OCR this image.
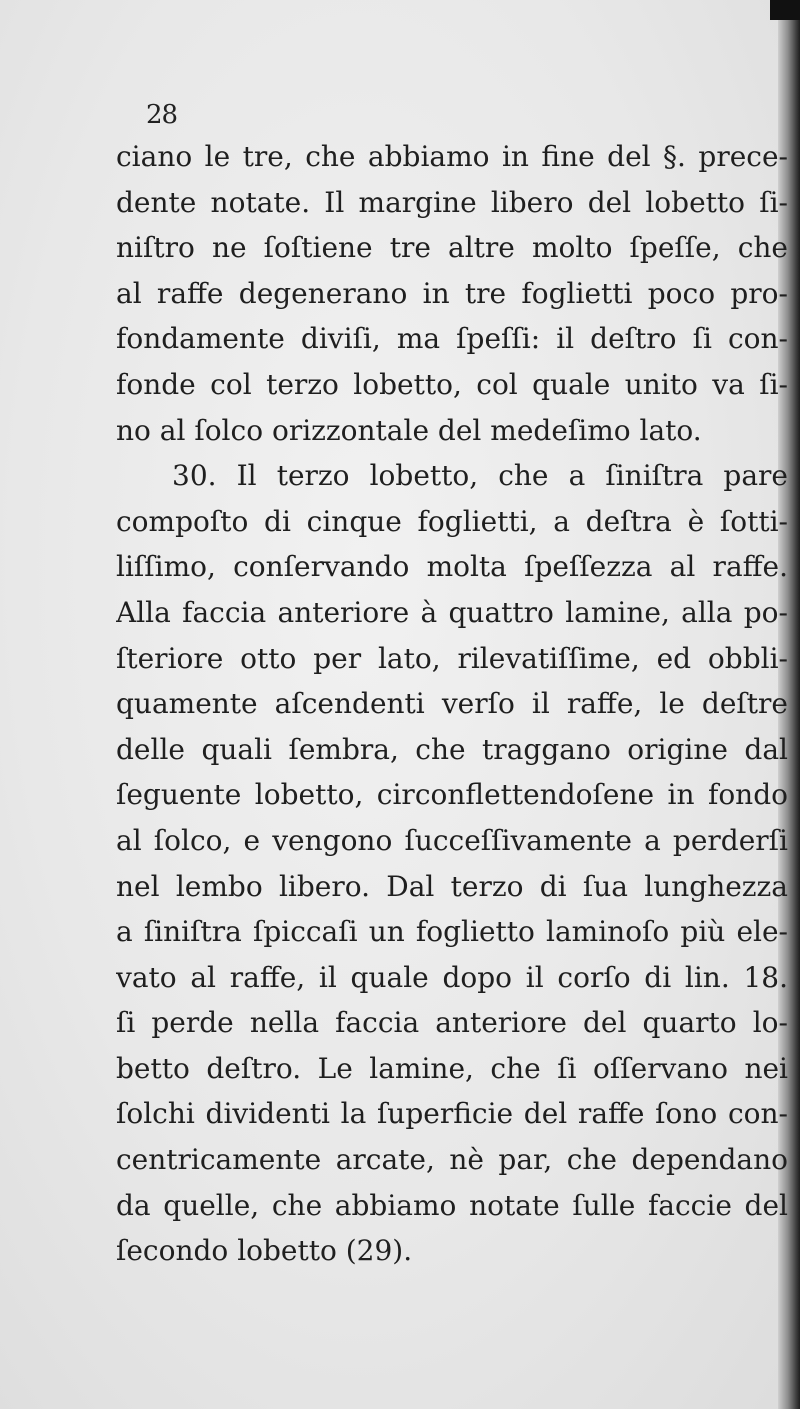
28
ciano le tre, che abbiamo in fine del §. prece-
dente notate. Il margine libero del lobetto ſi-
niſtro ne ſoſtiene tre altre molto ſpeſſe, che
al raffe degenerano in tre foglietti poco pro-
fondamente diviſi, ma ſpeſſi: il deſtro ſi con-
fonde col terzo lobetto, col quale unito va ſi-
no al ſolco orizzontale del medeſimo lato.
30. Il terzo lobetto, che a ſiniſtra pare
compoſto di cinque foglietti, a deſtra è ſotti-
liſſimo, conſervando molta ſpeſſezza al raffe.
Alla faccia anteriore à quattro lamine, alla po-
ſteriore otto per lato, rilevatiſſime, ed obbli-
quamente aſcendenti verſo il raffe, le deſtre
delle quali ſembra, che traggano origine dal
ſeguente lobetto, circonflettendoſene in fondo
al ſolco, e vengono ſucceſſivamente a perderſi
nel lembo libero. Dal terzo di ſua lunghezza
a ſiniſtra ſpiccaſi un foglietto laminoſo più ele-
vato al raffe, il quale dopo il corſo di lin. 18.
ſi perde nella faccia anteriore del quarto lo-
betto deſtro. Le lamine, che ſi oſſervano nei
ſolchi dividenti la ſuperficie del raffe ſono con-
centricamente arcate, nè par, che dependano
da quelle, che abbiamo notate ſulle faccie del
ſecondo lobetto (29).
